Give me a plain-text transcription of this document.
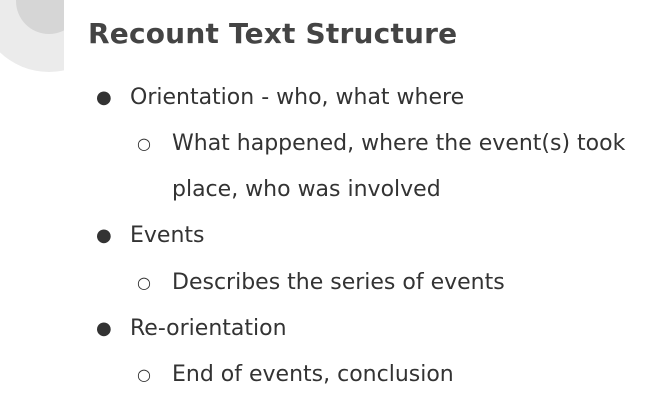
Recount Text Structure
● Orientation - who, what where
○ What happened, where the event(s) took
place, who was involved
● Events
○ Describes the series of events
● Re-orientation
○ End of events, conclusion
